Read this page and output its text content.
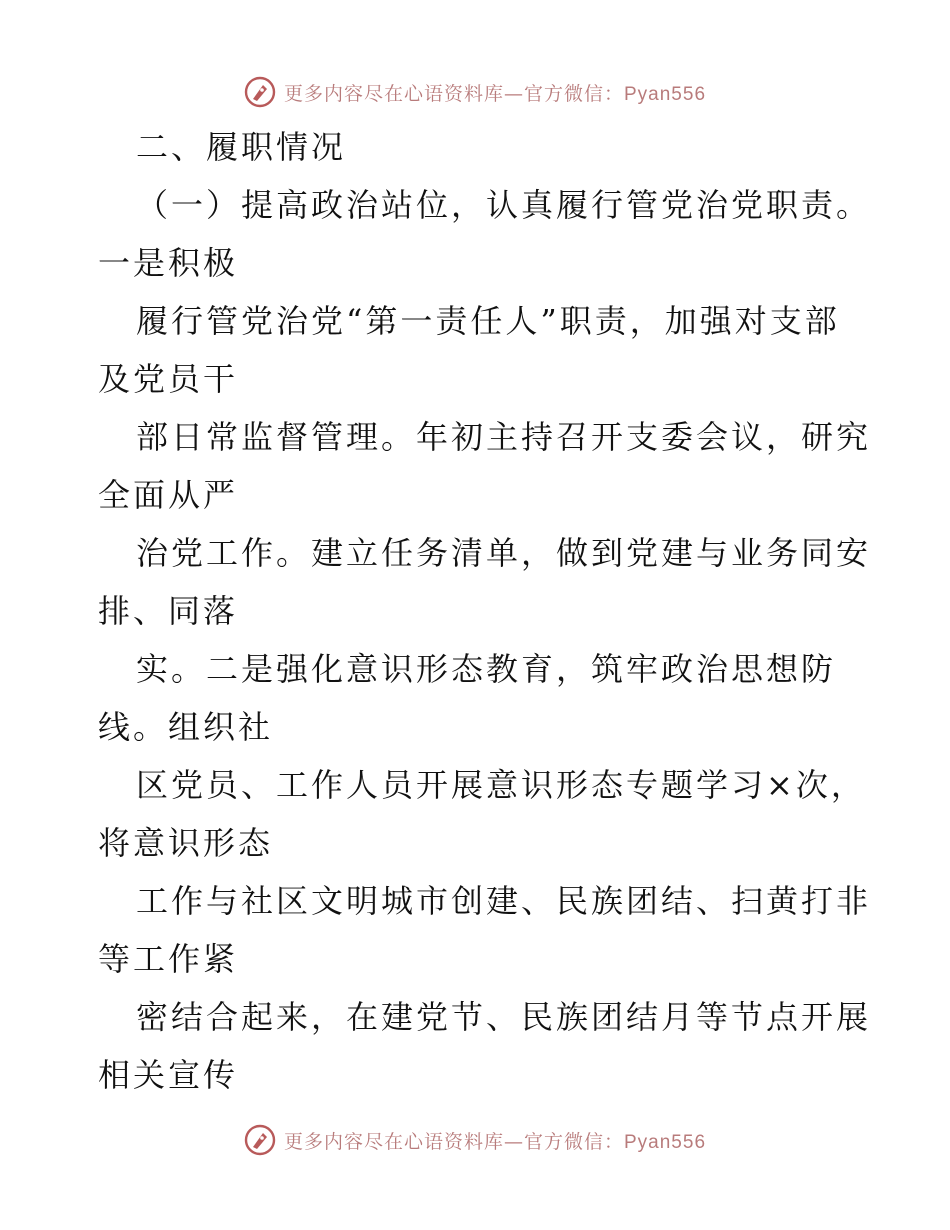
更多内容尽在心语资料库—官方微信：Pyan556
二、履职情况
（一）提高政治站位，认真履行管党治党职责。
一是积极
履行管党治党“第一责任人”职责，加强对支部
及党员干
部日常监督管理。年初主持召开支委会议，研究
全面从严
治党工作。建立任务清单，做到党建与业务同安
排、同落
实。二是强化意识形态教育，筑牢政治思想防
线。组织社
区党员、工作人员开展意识形态专题学习×次，
将意识形态
工作与社区文明城市创建、民族团结、扫黄打非
等工作紧
密结合起来，在建党节、民族团结月等节点开展
相关宣传
更多内容尽在心语资料库—官方微信：Pyan556
